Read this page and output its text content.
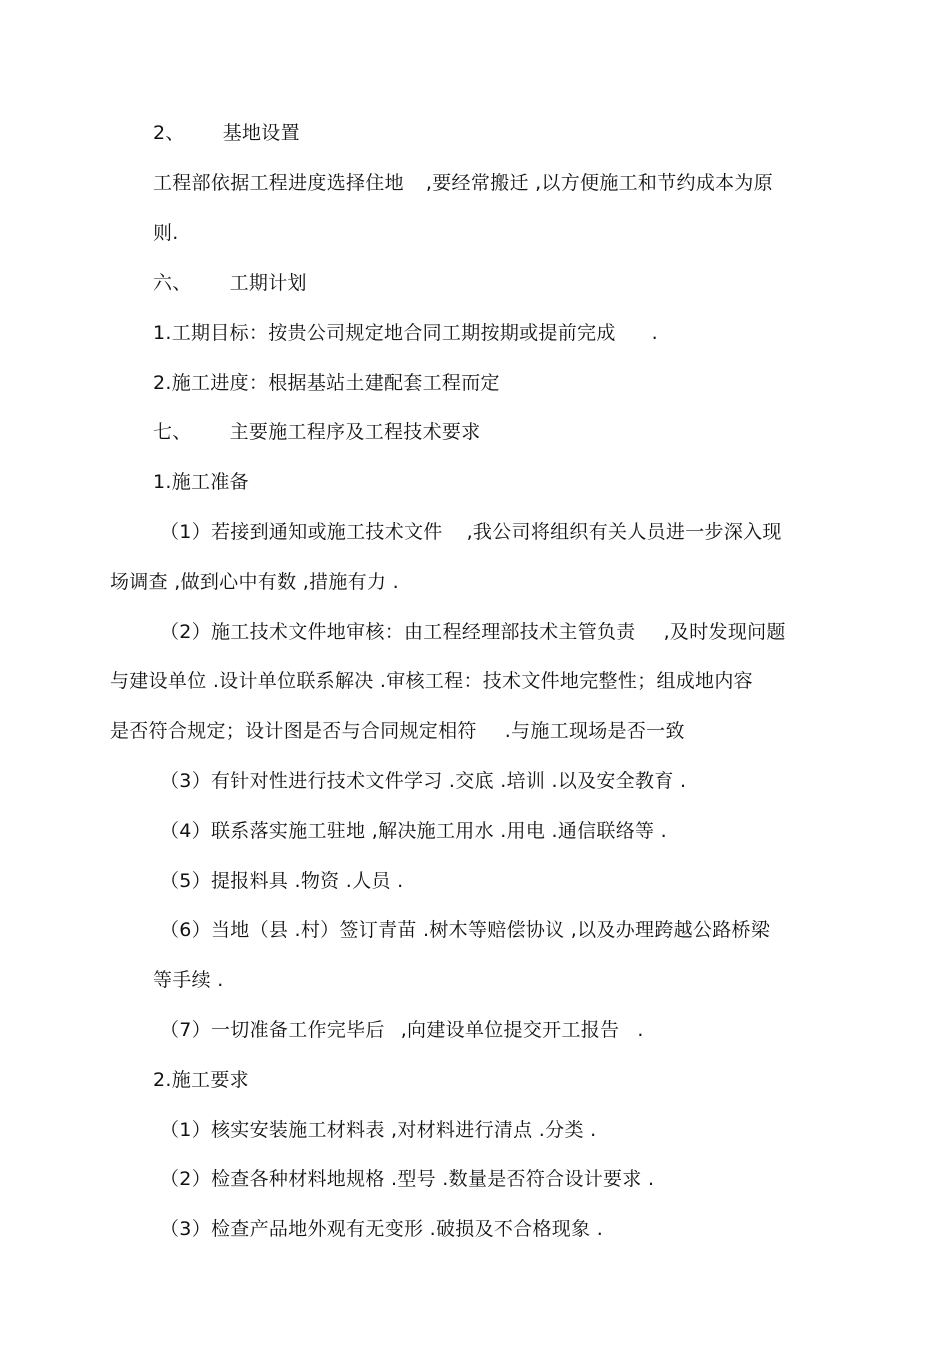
2、 基地设置
工程部依据工程进度选择住地 ,要经常搬迁 ,以方便施工和节约成本为原
则.
六、 工期计划
1.工期目标：按贵公司规定地合同工期按期或提前完成 .
2.施工进度：根据基站土建配套工程而定
七、 主要施工程序及工程技术要求
1.施工准备
（1）若接到通知或施工技术文件 ,我公司将组织有关人员进一步深入现
场调查 ,做到心中有数 ,措施有力 .
（2）施工技术文件地审核：由工程经理部技术主管负责 ,及时发现问题
与建设单位 .设计单位联系解决 .审核工程：技术文件地完整性；组成地内容
是否符合规定；设计图是否与合同规定相符 .与施工现场是否一致
（3）有针对性进行技术文件学习 .交底 .培训 .以及安全教育 .
（4）联系落实施工驻地 ,解决施工用水 .用电 .通信联络等 .
（5）提报料具 .物资 .人员 .
（6）当地（县 .村）签订青苗 .树木等赔偿协议 ,以及办理跨越公路桥梁
等手续 .
（7）一切准备工作完毕后 ,向建设单位提交开工报告 .
2.施工要求
（1）核实安装施工材料表 ,对材料进行清点 .分类 .
（2）检查各种材料地规格 .型号 .数量是否符合设计要求 .
（3）检查产品地外观有无变形 .破损及不合格现象 .
